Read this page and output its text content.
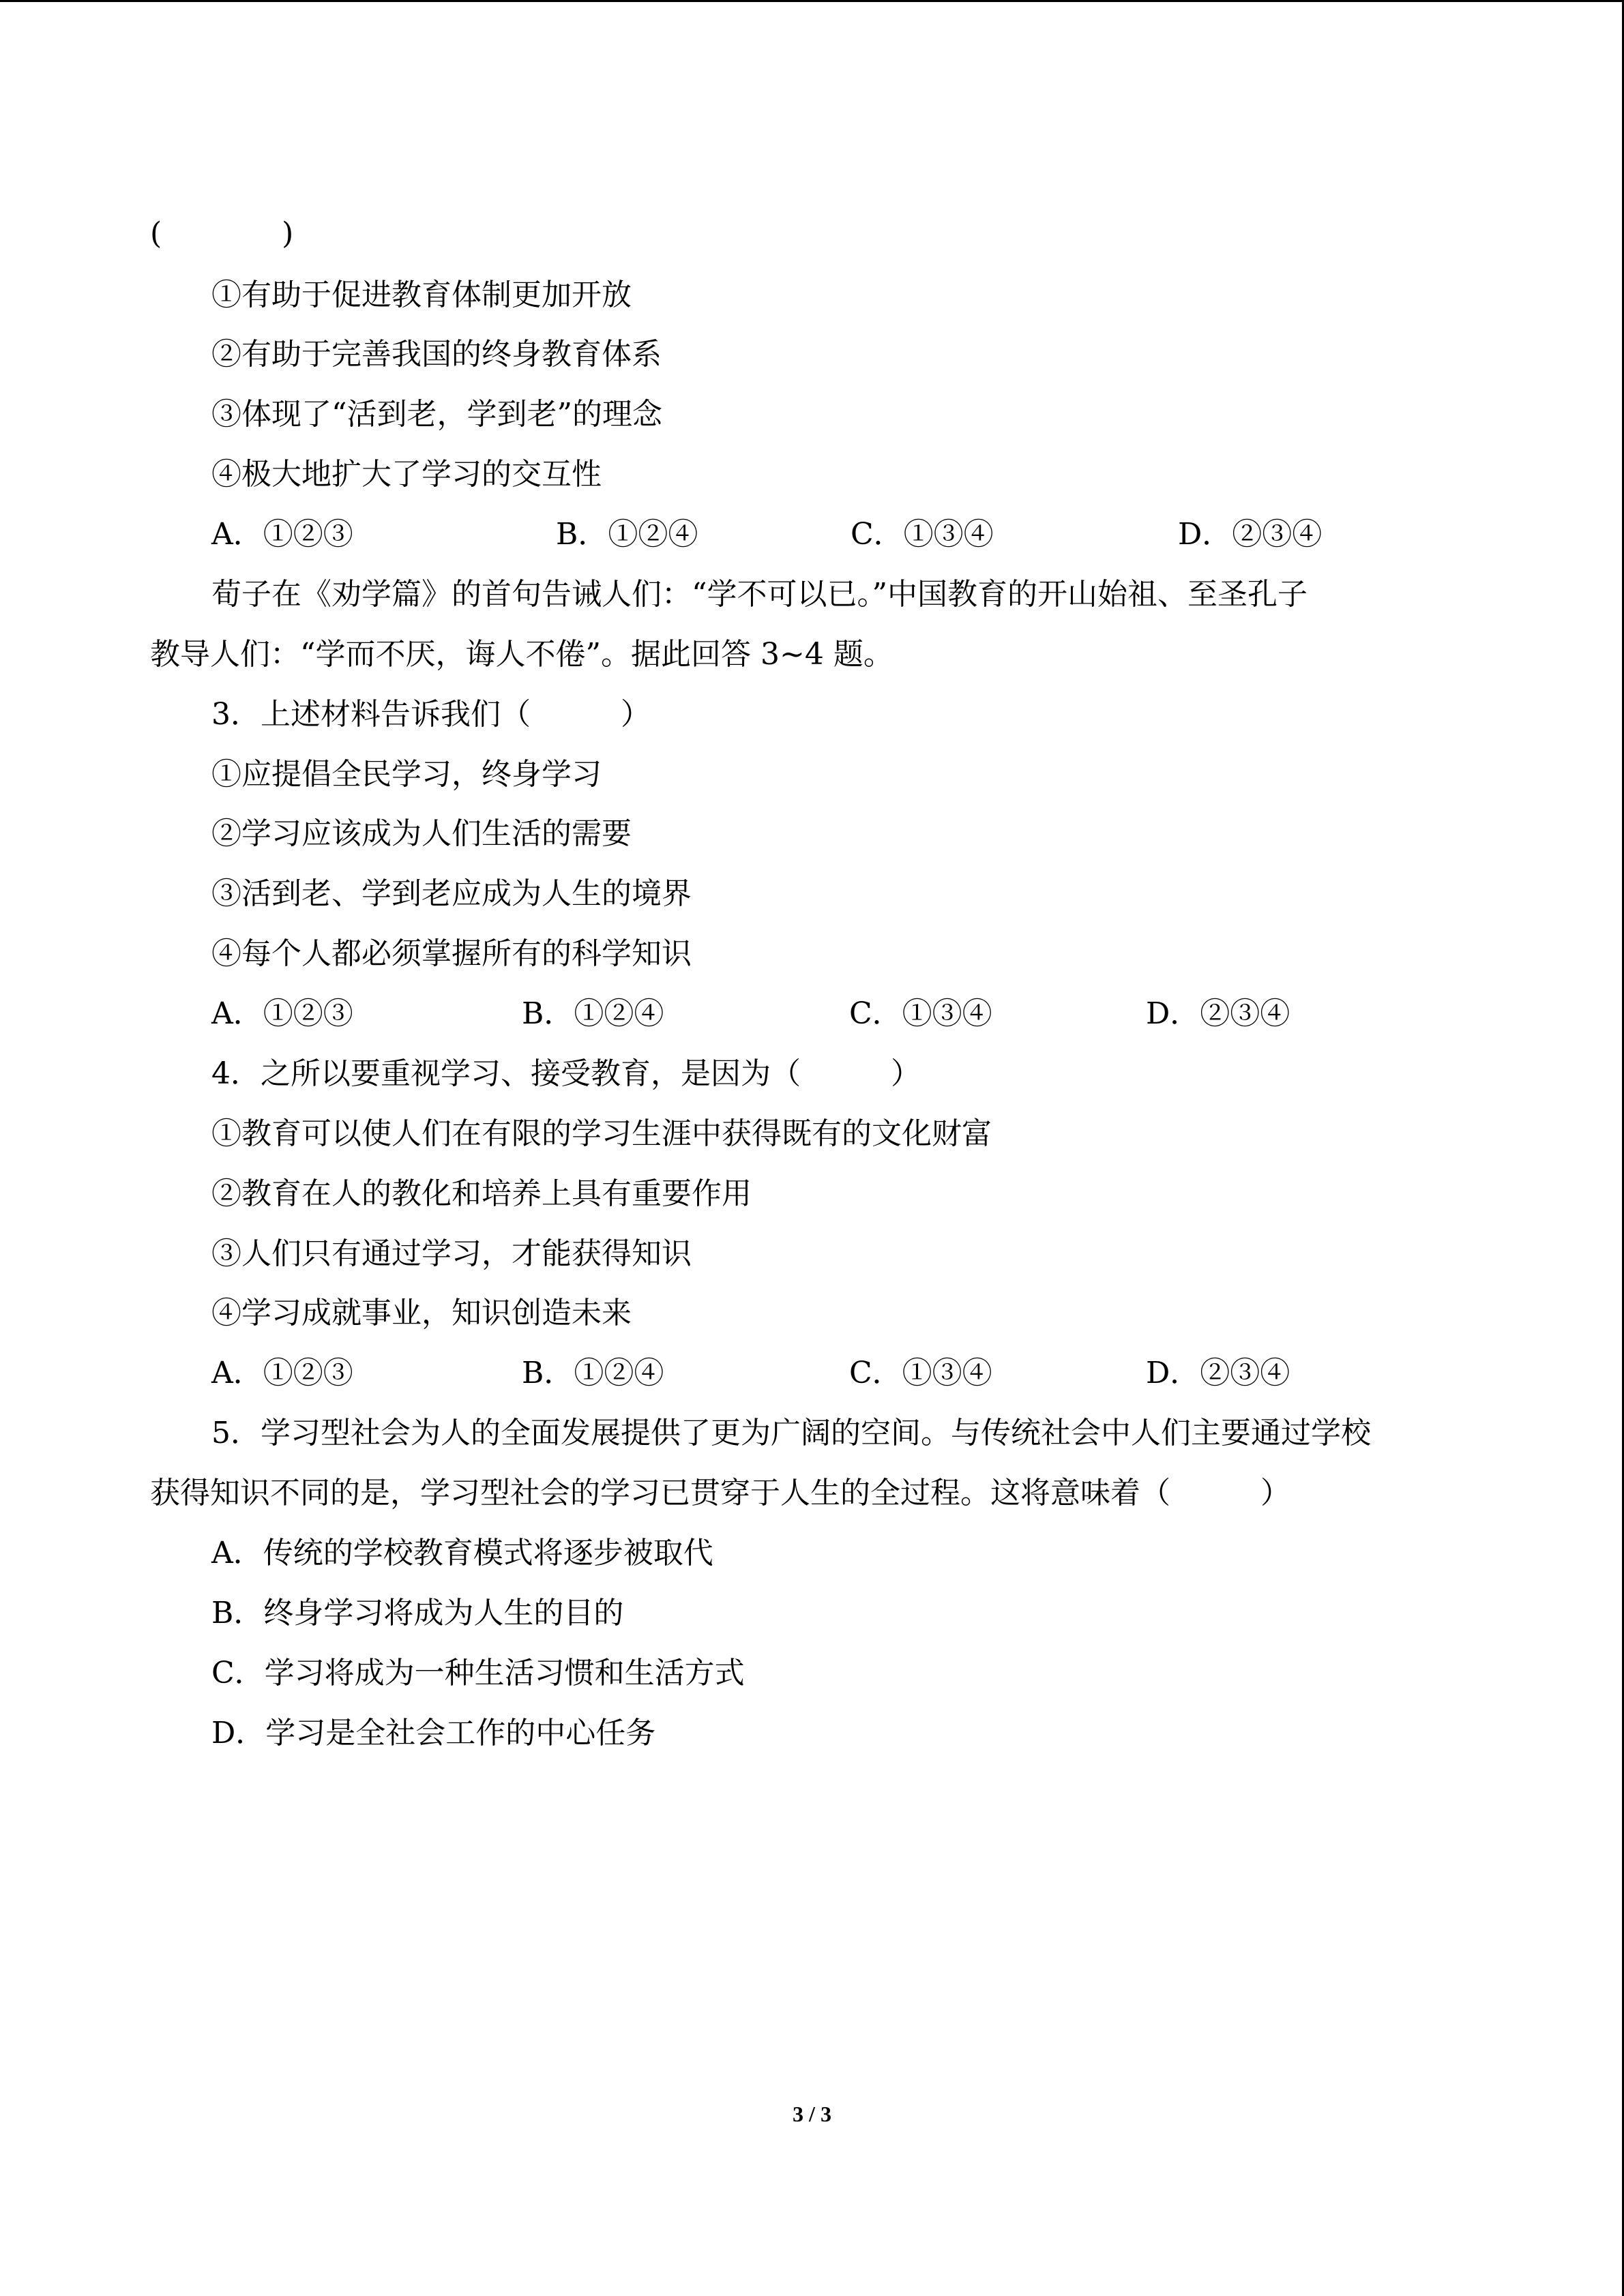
(　　　　)
①有助于促进教育体制更加开放
②有助于完善我国的终身教育体系
③体现了“活到老，学到老”的理念
④极大地扩大了学习的交互性
A．①②③	B．①②④	C．①③④	D．②③④
荀子在《劝学篇》的首句告诫人们：“学不可以已。”中国教育的开山始祖、至圣孔子
教导人们：“学而不厌，诲人不倦”。据此回答 3~4 题。
3．上述材料告诉我们（　　　）
①应提倡全民学习，终身学习
②学习应该成为人们生活的需要
③活到老、学到老应成为人生的境界
④每个人都必须掌握所有的科学知识
A．①②③	B．①②④	C．①③④	D．②③④
4．之所以要重视学习、接受教育，是因为（　　　）
①教育可以使人们在有限的学习生涯中获得既有的文化财富
②教育在人的教化和培养上具有重要作用
③人们只有通过学习，才能获得知识
④学习成就事业，知识创造未来
A．①②③	B．①②④	C．①③④	D．②③④
5．学习型社会为人的全面发展提供了更为广阔的空间。与传统社会中人们主要通过学校
获得知识不同的是，学习型社会的学习已贯穿于人生的全过程。这将意味着（　　　）
A．传统的学校教育模式将逐步被取代
B．终身学习将成为人生的目的
C．学习将成为一种生活习惯和生活方式
D．学习是全社会工作的中心任务
3 / 3
